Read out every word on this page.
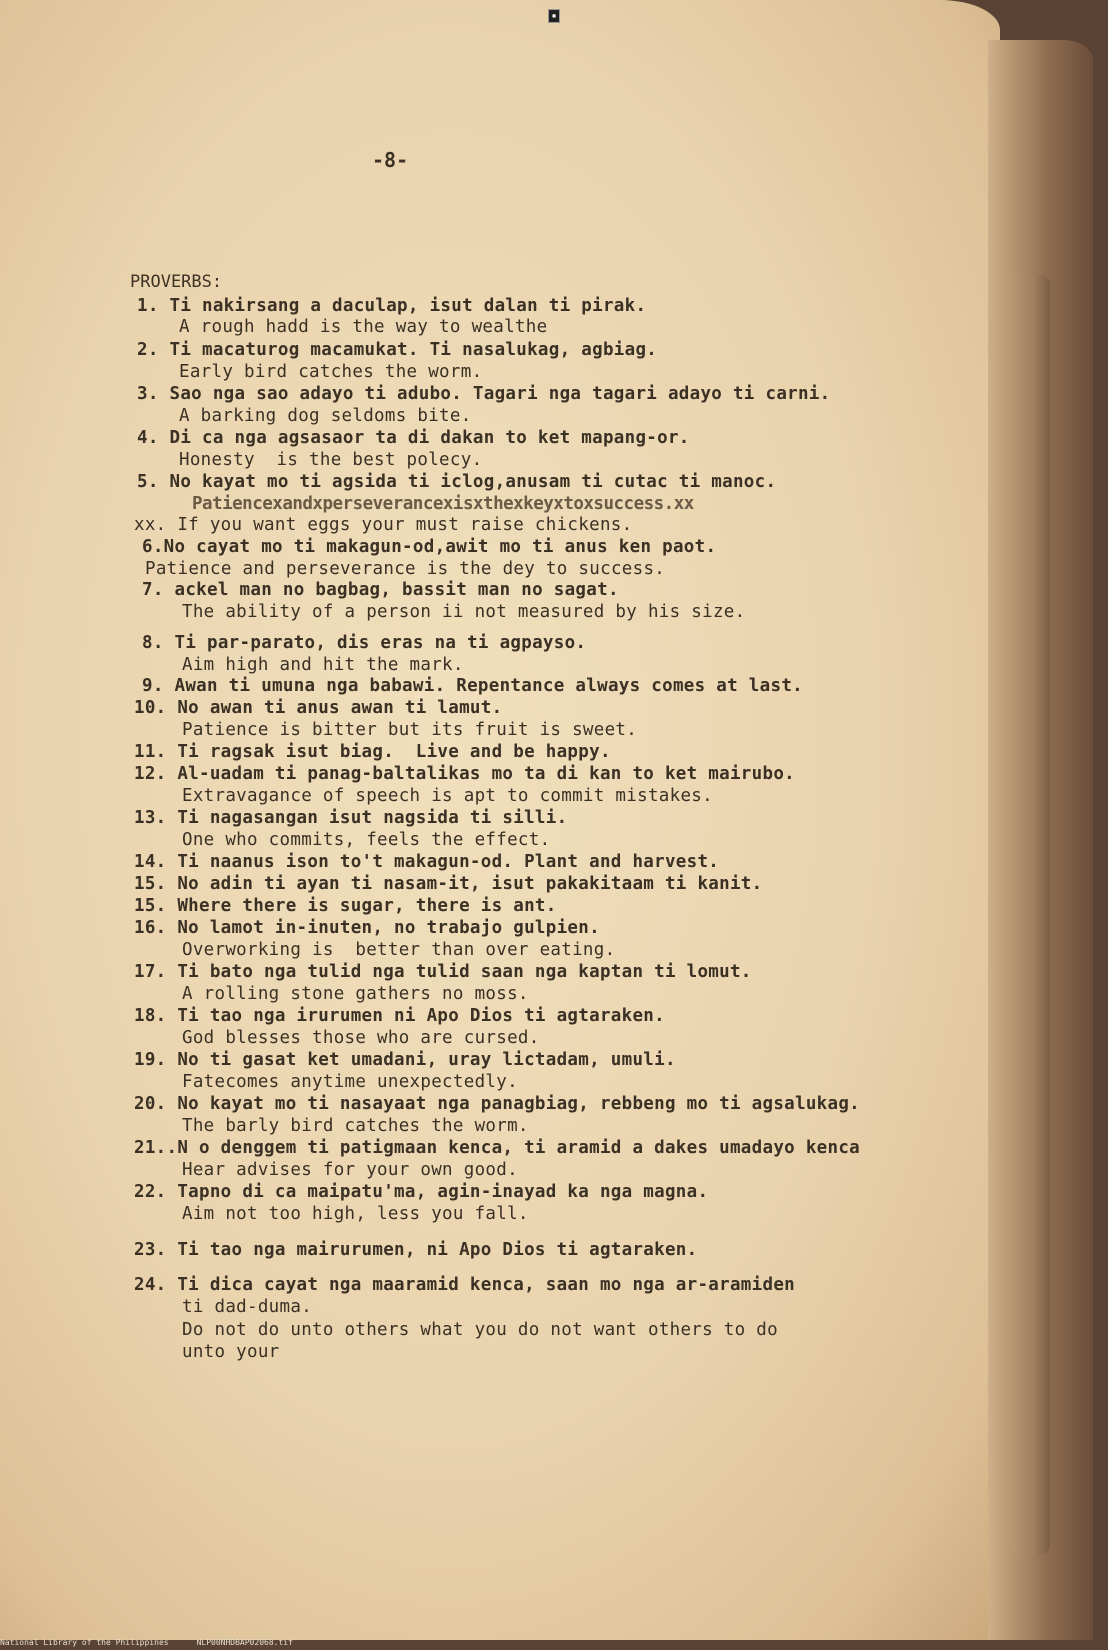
▪
-8-
PROVERBS:
1. Ti nakirsang a daculap, isut dalan ti pirak.
A rough hadd is the way to wealthe
2. Ti macaturog macamukat. Ti nasalukag, agbiag.
Early bird catches the worm.
3. Sao nga sao adayo ti adubo. Tagari nga tagari adayo ti carni.
A barking dog seldoms bite.
4. Di ca nga agsasaor ta di dakan to ket mapang-or.
Honesty  is the best polecy.
5. No kayat mo ti agsida ti iclog,anusam ti cutac ti manoc.
Patiencexandxperseverancexisxthexkeyxtoxsuccess.xx
xx. If you want eggs your must raise chickens.
6.No cayat mo ti makagun-od,awit mo ti anus ken paot.
Patience and perseverance is the dey to success.
7. ackel man no bagbag, bassit man no sagat.
The ability of a person ii not measured by his size.
8. Ti par-parato, dis eras na ti agpayso.
Aim high and hit the mark.
9. Awan ti umuna nga babawi. Repentance always comes at last.
10. No awan ti anus awan ti lamut.
Patience is bitter but its fruit is sweet.
11. Ti ragsak isut biag.  Live and be happy.
12. Al-uadam ti panag-baltalikas mo ta di kan to ket mairubo.
Extravagance of speech is apt to commit mistakes.
13. Ti nagasangan isut nagsida ti silli.
One who commits, feels the effect.
14. Ti naanus ison to't makagun-od. Plant and harvest.
15. No adin ti ayan ti nasam-it, isut pakakitaam ti kanit.
15. Where there is sugar, there is ant.
16. No lamot in-inuten, no trabajo gulpien.
Overworking is  better than over eating.
17. Ti bato nga tulid nga tulid saan nga kaptan ti lomut.
A rolling stone gathers no moss.
18. Ti tao nga irurumen ni Apo Dios ti agtaraken.
God blesses those who are cursed.
19. No ti gasat ket umadani, uray lictadam, umuli.
Fatecomes anytime unexpectedly.
20. No kayat mo ti nasayaat nga panagbiag, rebbeng mo ti agsalukag.
The barly bird catches the worm.
21..N o denggem ti patigmaan kenca, ti aramid a dakes umadayo kenca
Hear advises for your own good.
22. Tapno di ca maipatu'ma, agin-inayad ka nga magna.
Aim not too high, less you fall.
23. Ti tao nga mairurumen, ni Apo Dios ti agtaraken.
24. Ti dica cayat nga maaramid kenca, saan mo nga ar-aramiden
ti dad-duma.
Do not do unto others what you do not want others to do
unto your
National Library of the Philippines	NLP00NHDBAP02068.tif
